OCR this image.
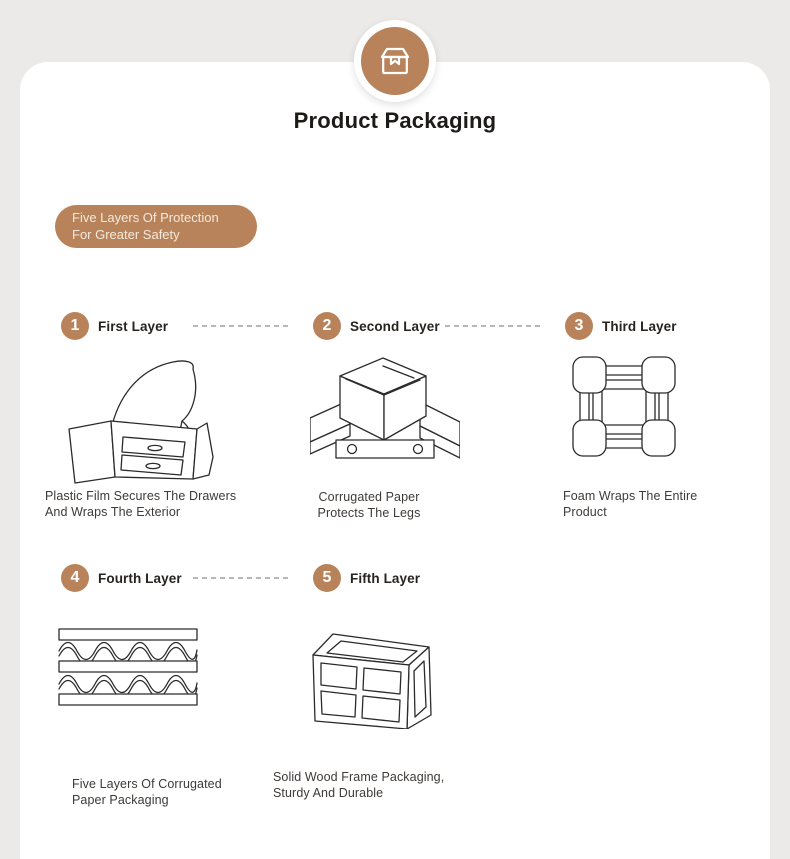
Product Packaging
Five Layers Of Protection
For Greater Safety
1	First Layer
Plastic Film Secures The Drawers
And Wraps The Exterior
2	Second Layer
Corrugated Paper
Protects The Legs
3	Third Layer
Foam Wraps The Entire
Product
4	Fourth Layer
Five Layers Of Corrugated
Paper Packaging
5	Fifth Layer
Solid Wood Frame Packaging,
Sturdy And Durable
